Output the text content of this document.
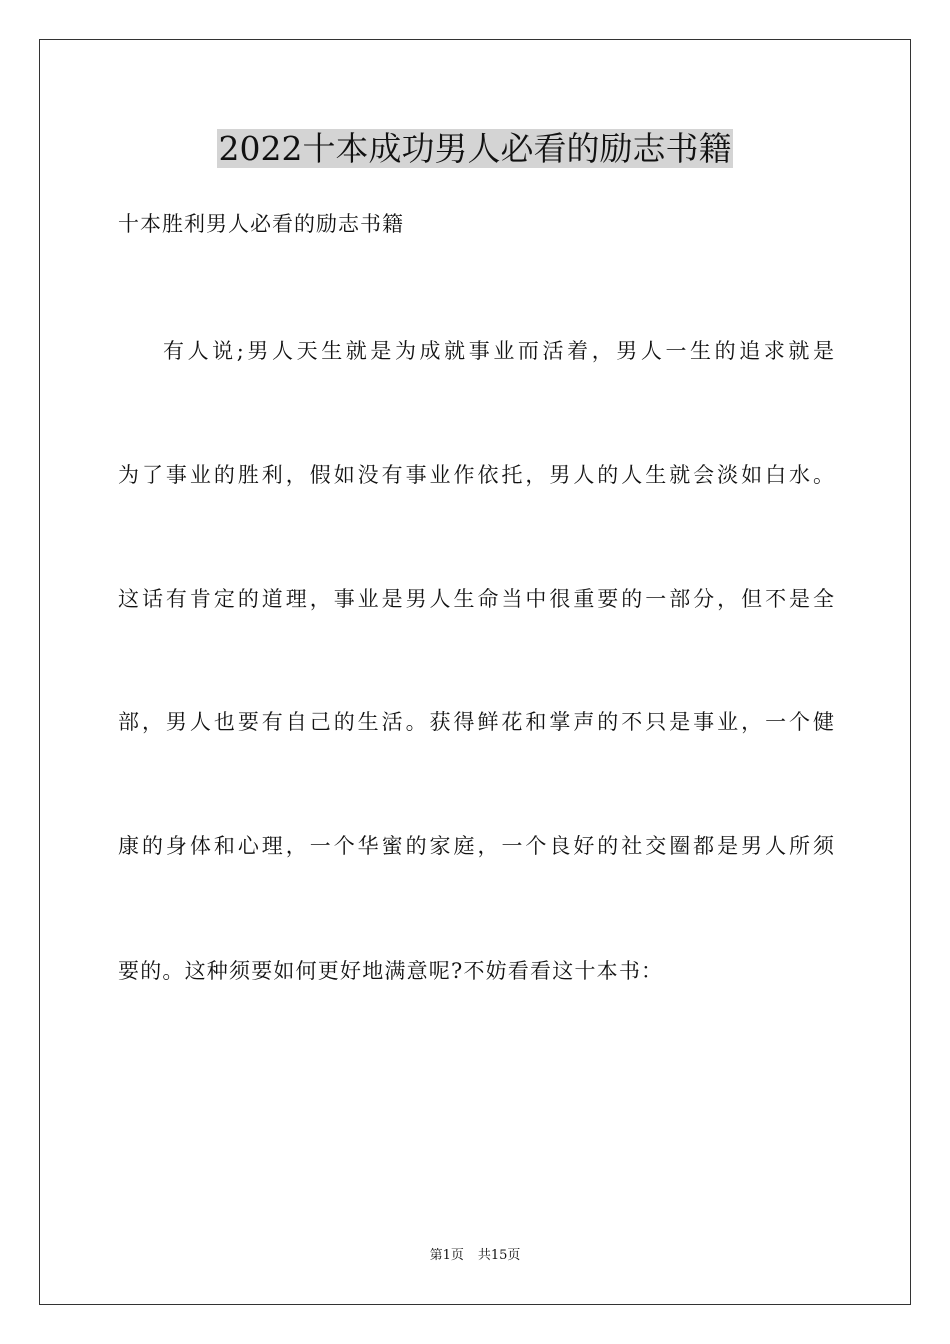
2022十本成功男人必看的励志书籍
十本胜利男人必看的励志书籍
有人说;男人天生就是为成就事业而活着，男人一生的追求就是
为了事业的胜利，假如没有事业作依托，男人的人生就会淡如白水。
这话有肯定的道理，事业是男人生命当中很重要的一部分，但不是全
部，男人也要有自己的生活。获得鲜花和掌声的不只是事业，一个健
康的身体和心理，一个华蜜的家庭，一个良好的社交圈都是男人所须
要的。这种须要如何更好地满意呢?不妨看看这十本书：
第1页 共15页
